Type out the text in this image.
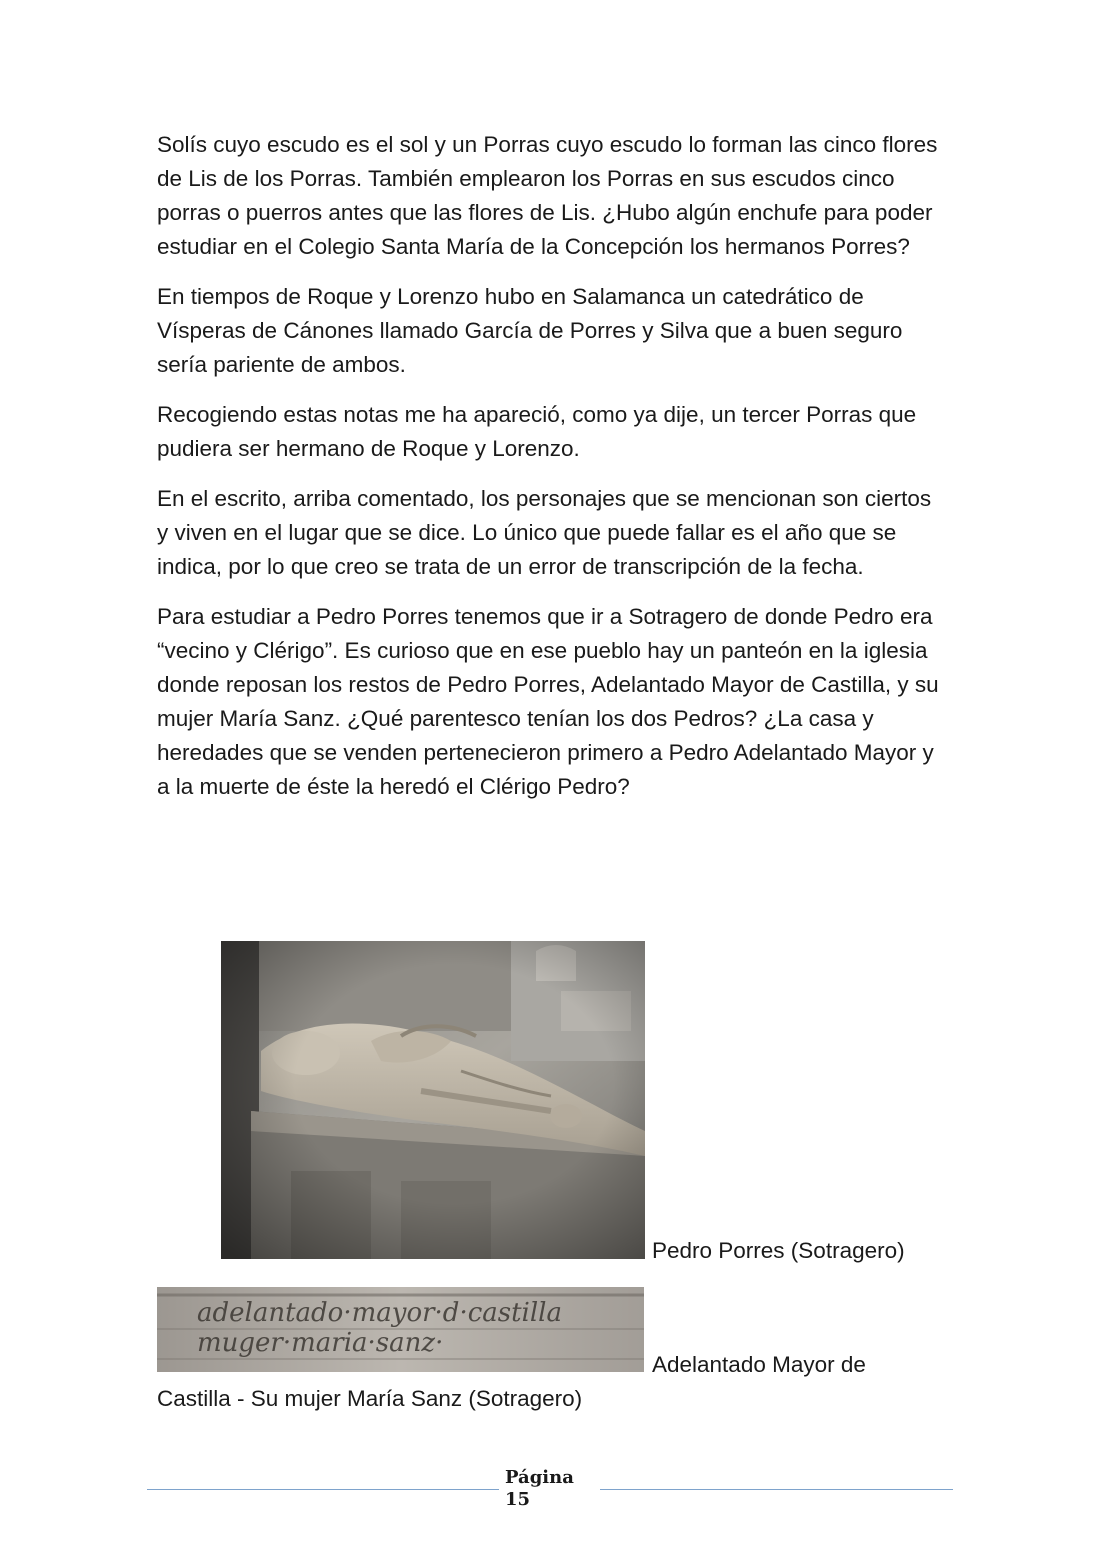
Solís cuyo escudo es el sol y un Porras cuyo escudo lo forman las cinco flores de Lis de los Porras. También emplearon los Porras en sus escudos cinco porras o puerros antes que las flores de Lis. ¿Hubo algún enchufe para poder estudiar en el Colegio Santa María de la Concepción los hermanos Porres?

En tiempos de Roque y Lorenzo hubo en Salamanca un catedrático de Vísperas de Cánones llamado García de Porres y Silva que a buen seguro sería pariente de ambos.

Recogiendo estas notas me ha apareció, como ya dije, un tercer Porras que pudiera ser hermano de Roque y Lorenzo.

En el escrito, arriba comentado, los personajes que se mencionan son ciertos y viven en el lugar que se dice. Lo único que puede fallar es el año que se indica, por lo que creo se trata de un error de transcripción de la fecha.

Para estudiar a Pedro Porres tenemos que ir a Sotragero de donde Pedro era “vecino y Clérigo”. Es curioso que en ese pueblo hay un panteón en la iglesia donde reposan los restos de Pedro Porres, Adelantado Mayor de Castilla, y su mujer María Sanz. ¿Qué parentesco tenían los dos Pedros? ¿La casa y heredades que se venden pertenecieron primero a Pedro Adelantado Mayor y a la muerte de éste la heredó el Clérigo Pedro?

Pedro Porres (Sotragero)
adelantado·mayor·d·castilla
muger·maria·sanz·
Adelantado Mayor de
Castilla - Su mujer María Sanz (Sotragero)
Página
15
